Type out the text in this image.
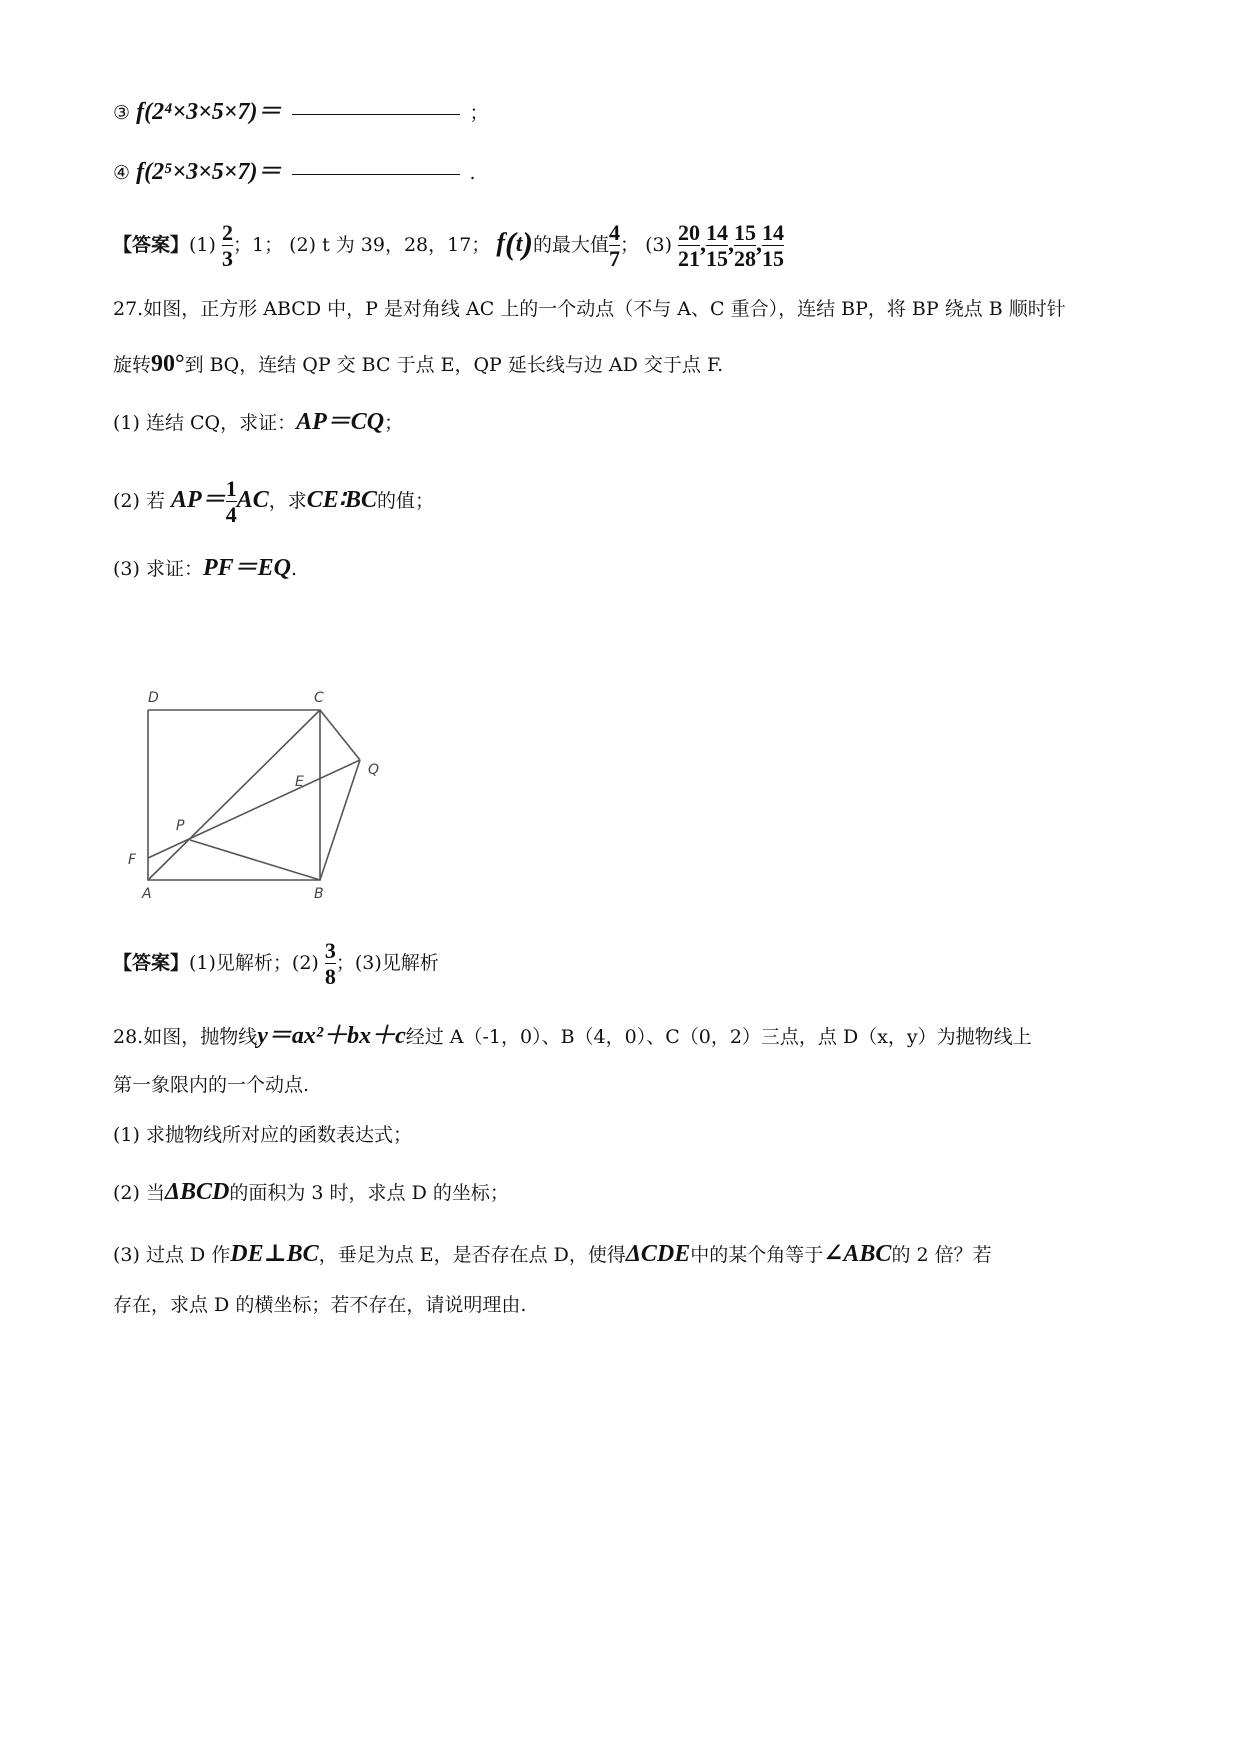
③ f(2⁴×3×5×7)＝	；
④ f(2⁵×3×5×7)＝	.
【答案】$(1) \frac{2}{3}$ ；1； (2) t 为 39，28，17； f(t)的最大值 $\frac{4}{7}$ ； $(3) \frac{20}{21}$ , $\frac{14}{15}$ , $\frac{15}{28}$ , $\frac{14}{15}$
27.如图，正方形 ABCD 中，P 是对角线 AC 上的一个动点（不与 A、C 重合），连结 BP，将 BP 绕点 B 顺时针
旋转90°到 BQ，连结 QP 交 BC 于点 E，QP 延长线与边 AD 交于点 F.
(1) 连结 CQ，求证：AP＝CQ；
(2) 若 $AP= \frac{1}{4}$ AC，求CE∶BC的值；
(3) 求证：PF＝EQ.
D	C
Q
E
P
F
A	B
【答案】(1)见解析；$(2) \frac{3}{8}$ ；(3)见解析
28.如图，抛物线y＝ax²＋bx＋c经过 A（-1，0）、B（4，0）、C（0，2）三点，点 D（x，y）为抛物线上
第一象限内的一个动点.
(1) 求抛物线所对应的函数表达式；
(2) 当ΔBCD的面积为 3 时，求点 D 的坐标；
(3) 过点 D 作DE⊥BC，垂足为点 E，是否存在点 D，使得ΔCDE中的某个角等于∠ABC的 2 倍？若
存在，求点 D 的横坐标；若不存在，请说明理由.
